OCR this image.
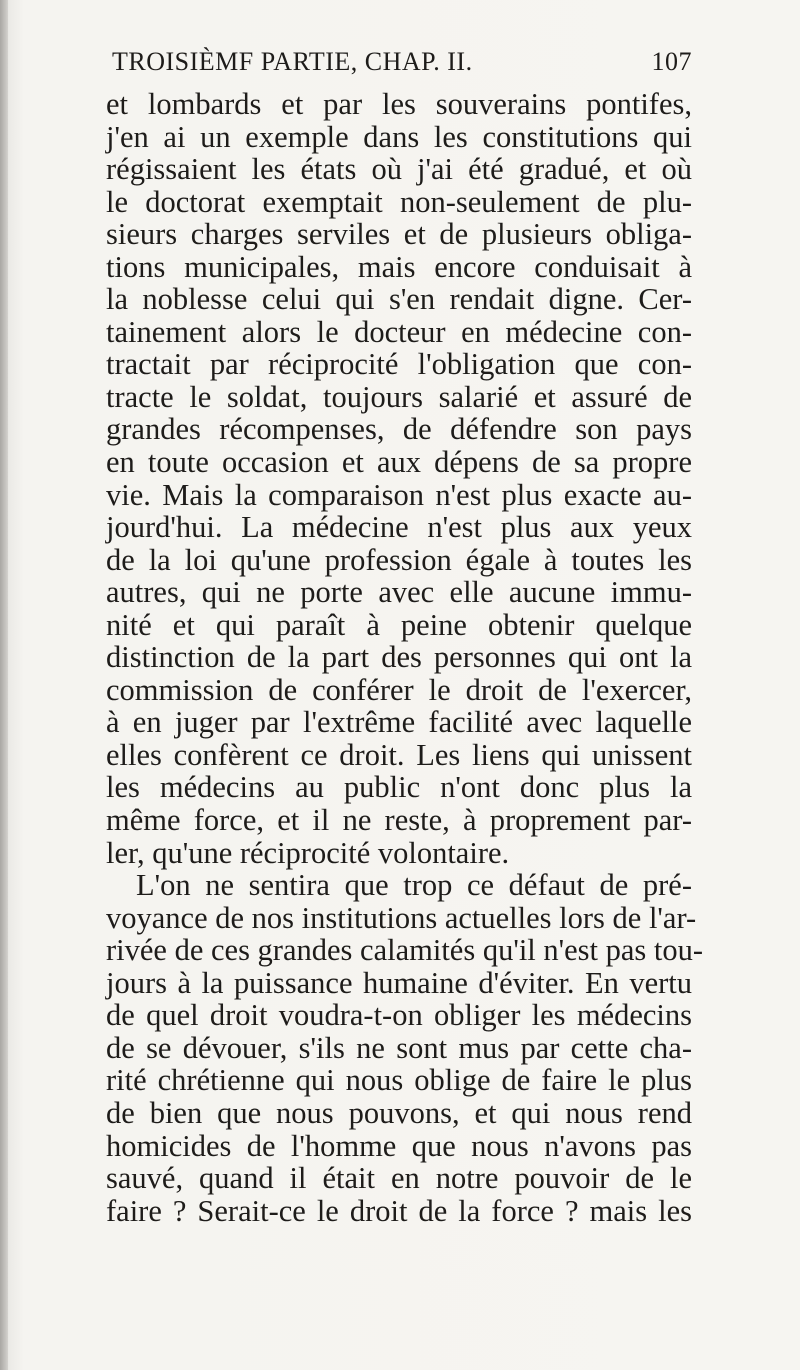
TROISIÈMF PARTIE, CHAP. II.	107
et lombards et par les souverains pontifes,
j'en ai un exemple dans les constitutions qui
régissaient les états où j'ai été gradué, et où
le doctorat exemptait non-seulement de plu-
sieurs charges serviles et de plusieurs obliga-
tions municipales, mais encore conduisait à
la noblesse celui qui s'en rendait digne. Cer-
tainement alors le docteur en médecine con-
tractait par réciprocité l'obligation que con-
tracte le soldat, toujours salarié et assuré de
grandes récompenses, de défendre son pays
en toute occasion et aux dépens de sa propre
vie. Mais la comparaison n'est plus exacte au-
jourd'hui. La médecine n'est plus aux yeux
de la loi qu'une profession égale à toutes les
autres, qui ne porte avec elle aucune immu-
nité et qui paraît à peine obtenir quelque
distinction de la part des personnes qui ont la
commission de conférer le droit de l'exercer,
à en juger par l'extrême facilité avec laquelle
elles confèrent ce droit. Les liens qui unissent
les médecins au public n'ont donc plus la
même force, et il ne reste, à proprement par-
ler, qu'une réciprocité volontaire.
L'on ne sentira que trop ce défaut de pré-
voyance de nos institutions actuelles lors de l'ar-
rivée de ces grandes calamités qu'il n'est pas tou-
jours à la puissance humaine d'éviter. En vertu
de quel droit voudra-t-on obliger les médecins
de se dévouer, s'ils ne sont mus par cette cha-
rité chrétienne qui nous oblige de faire le plus
de bien que nous pouvons, et qui nous rend
homicides de l'homme que nous n'avons pas
sauvé, quand il était en notre pouvoir de le
faire ? Serait-ce le droit de la force ? mais les
